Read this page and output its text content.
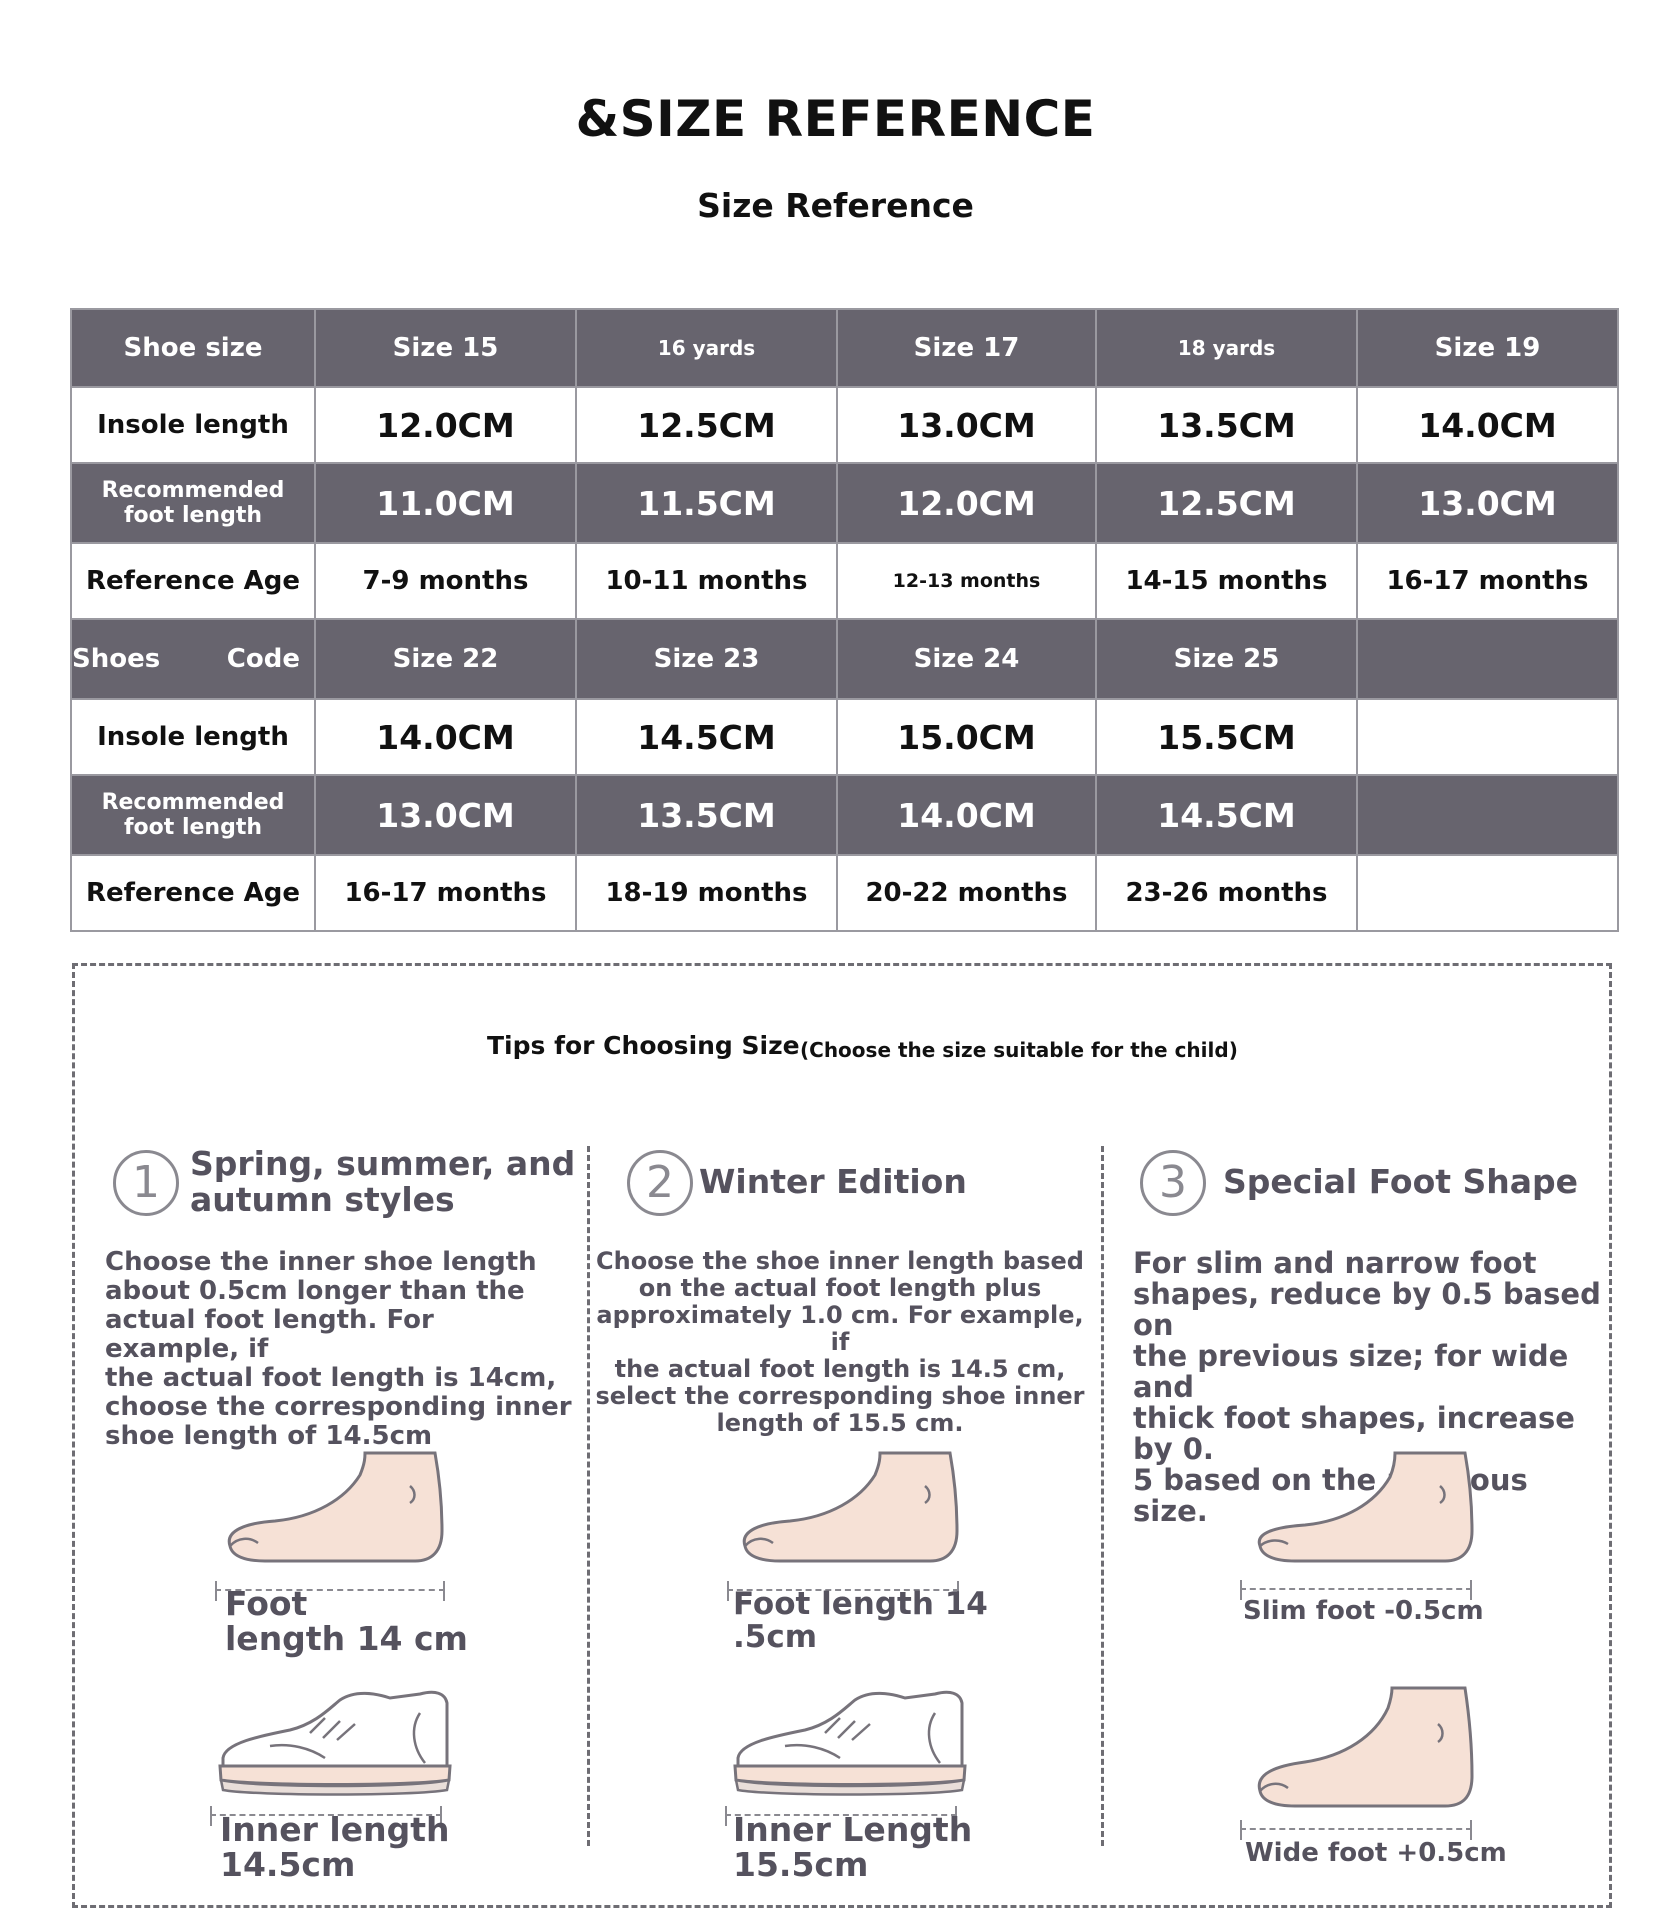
&SIZE REFERENCE
Size Reference
Shoe size	Size 15	16 yards	Size 17	18 yards	Size 19
Insole length	12.0CM	12.5CM	13.0CM	13.5CM	14.0CM

Recommended
foot length	11.0CM	11.5CM	12.0CM	12.5CM	13.0CM
Reference Age	7-9 months	10-11 months	12-13 months	14-15 months	16-17 months

Shoes Code	Size 22	Size 23	Size 24	Size 25	
Insole length	14.0CM	14.5CM	15.0CM	15.5CM	

Recommended
foot length	13.0CM	13.5CM	14.0CM	14.5CM	
Reference Age	16-17 months	18-19 months	20-22 months	23-26 months	
Tips for Choosing Size (Choose the size suitable for the child)
1 Spring, summer, and
autumn styles
Choose the inner shoe length
about 0.5cm longer than the
actual foot length. For example, if
the actual foot length is 14cm,
choose the corresponding inner
shoe length of 14.5cm
Foot
length 14 cm
Inner length
14.5cm
2 Winter Edition
Choose the shoe inner length based
on the actual foot length plus
approximately 1.0 cm. For example, if
the actual foot length is 14.5 cm,
select the corresponding shoe inner
length of 15.5 cm.
Foot length 14
.5cm
Inner Length
15.5cm
3	Special Foot Shape
For slim and narrow foot
shapes, reduce by 0.5 based on
the previous size; for wide and
thick foot shapes, increase by 0.
5 based on the previous size.
Slim foot -0.5cm
Wide foot +0.5cm
